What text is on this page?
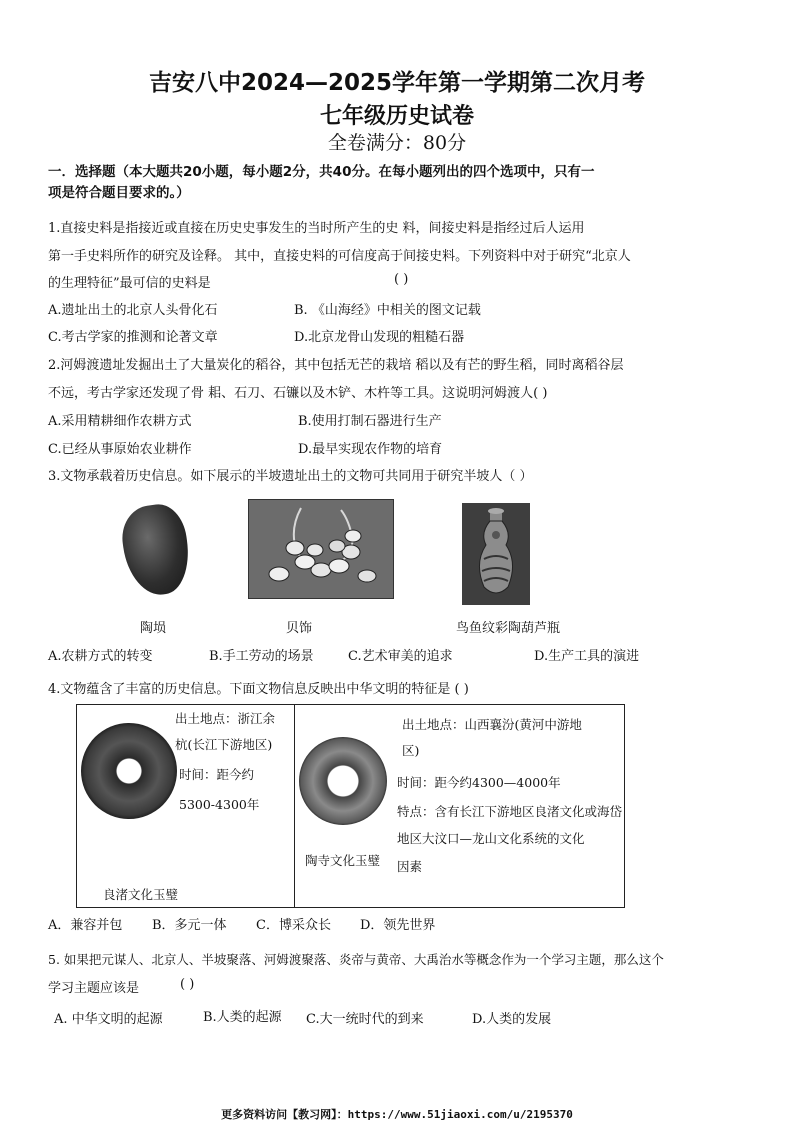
吉安八中2024—2025学年第一学期第二次月考
七年级历史试卷
全卷满分：80分
一．选择题（本大题共20小题，每小题2分，共40分。在每小题列出的四个选项中，只有一
项是符合题目要求的。）
1.直接史料是指接近或直接在历史史事发生的当时所产生的史 料，间接史料是指经过后人运用
第一手史料所作的研究及诠释。 其中，直接史料的可信度高于间接史料。下列资料中对于研究“北京人
的生理特征”最可信的史料是	( )
A.遗址出土的北京人头骨化石	B. 《山海经》中相关的图文记载
C.考古学家的推测和论著文章	D.北京龙骨山发现的粗糙石器
2.河姆渡遗址发掘出土了大量炭化的稻谷，其中包括无芒的栽培 稻以及有芒的野生稻，同时离稻谷层
不远，考古学家还发现了骨 耜、石刀、石镰以及木铲、木杵等工具。这说明河姆渡人( )
A.采用精耕细作农耕方式	B.使用打制石器进行生产
C.已经从事原始农业耕作	D.最早实现农作物的培育
3.文物承载着历史信息。如下展示的半坡遗址出土的文物可共同用于研究半坡人（ ）
陶埙	贝饰	鸟鱼纹彩陶葫芦瓶
A.农耕方式的转变	B.手工劳动的场景	C.艺术审美的追求	D.生产工具的演进
4.文物蕴含了丰富的历史信息。下面文物信息反映出中华文明的特征是 ( )
出土地点：浙江余
杭(长江下游地区)
时间：距今约
5300-4300年
良渚文化玉璧
出土地点：山西襄汾(黄河中游地
区)
时间：距今约4300—4000年
特点：含有长江下游地区良渚文化或海岱
地区大汶口—龙山文化系统的文化
因素
陶寺文化玉璧
A．兼容并包 B．多元一体 C．博采众长 D．领先世界
5. 如果把元谋人、北京人、半坡聚落、河姆渡聚落、炎帝与黄帝、大禹治水等概念作为一个学习主题，那么这个
学习主题应该是	( )
A. 中华文明的起源	B.人类的起源 C.大一统时代的到来	D.人类的发展
更多资料访问【教习网】：https://www.51jiaoxi.com/u/2195370
